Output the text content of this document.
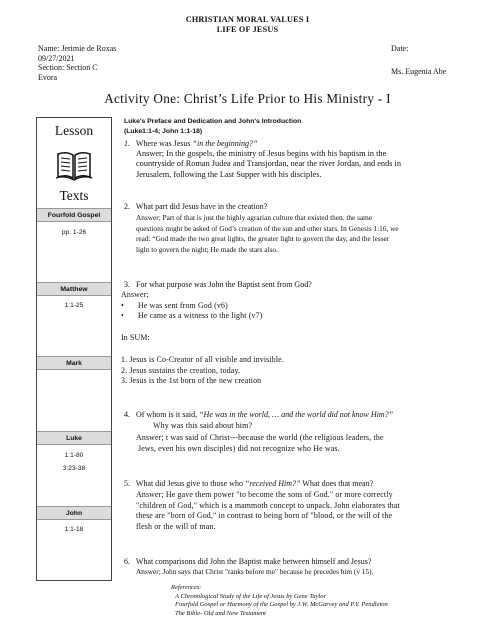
CHRISTIAN MORAL VALUES I
LIFE OF JESUS
Name: Jerimie de Roxas
09/27/2021
Section: Section C
Evora
Date:
Ms. Eugenia Abe
Activity One: Christ’s Life Prior to His Ministry - I
Lesson
Texts
Fourfold Gospel
pp. 1-26
Matthew
1:1-25
Mark
Luke
1:1-80
3:23-38
John
1:1-18
Luke's Preface and Dedication and John's Introduction
(Luke1:1-4; John 1:1-18)
1. Where was Jesus “in the beginning?”
Answer; In the gospels, the ministry of Jesus begins with his baptism in the
countryside of Roman Judea and Transjordan, near the river Jordan, and ends in
Jerusalem, following the Last Supper with his disciples.
2. What part did Jesus have in the creation?
Answer; Part of that is just the highly agrarian culture that existed then. the same
questions might be asked of God’s creation of the sun and other stars. In Genesis 1:16, we
read: “God made the two great lights, the greater light to govern the day, and the lesser
light to govern the night; He made the stars also.
3. For what purpose was John the Baptist sent from God?
Answer;
•	He was sent from God (v6)
•	He came as a witness to the light (v7)
In SUM:
1. Jesus is Co-Creator of all visible and invisible.
2. Jesus sustains the creation, today.
3. Jesus is the 1st born of the new creation
4. Of whom is it said, “He was in the world, … and the world did not know Him?”
Why was this said about him?
Answer; t was said of Christ---because the world (the religious leaders, the
Jews, even his own disciples) did not recognize who He was.
5. What did Jesus give to those who “received Him?” What does that mean?
Answer; He gave them power "to become the sons of God." or more correctly
"children of God," which is a mammoth concept to unpack. John elaborates that
these are "born of God," in contrast to being born of "blood, or the will of the
flesh or the will of man.
6. What comparisons did John the Baptist make between himself and Jesus?
Answer; John says that Christ "ranks before me" because he precedes him (v 15).
References:
A Chronological Study of the Life of Jesus by Gene Taylor
Fourfold Gospel or Harmony of the Gospel by J.W. McGarvey and P.Y. Pendleton
The Bible- Old and New Testament
